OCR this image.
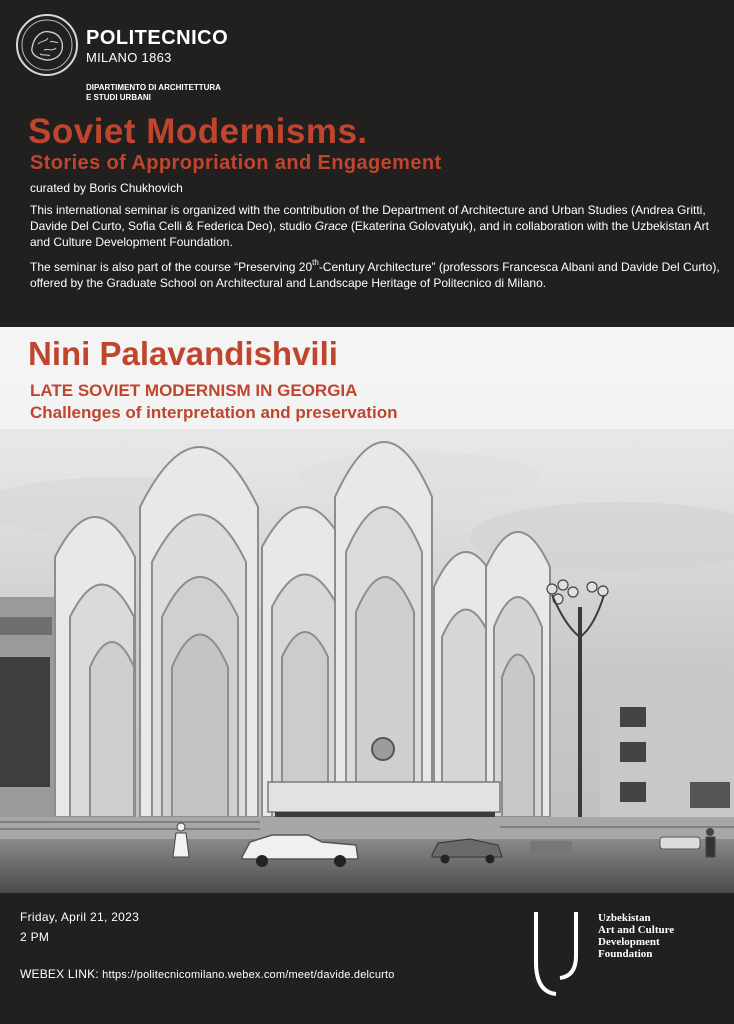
POLITECNICO
MILANO 1863
DIPARTIMENTO DI ARCHITETTURA
E STUDI URBANI
Soviet Modernisms.
Stories of Appropriation and Engagement
curated by Boris Chukhovich

This international seminar is organized with the contribution of the Department of Architecture and Urban Studies (Andrea Gritti, Davide Del Curto, Sofia Celli & Federica Deo), studio Grace (Ekaterina Golovatyuk), and in collaboration with the Uzbekistan Art and Culture Development Foundation.

The seminar is also part of the course “Preserving 20th-Century Architecture” (professors Francesca Albani and Davide Del Curto), offered by the Graduate School on Architectural and Landscape Heritage of Politecnico di Milano.

Nini Palavandishvili
LATE SOVIET MODERNISM IN GEORGIA
Challenges of interpretation and preservation
Friday, April 21, 2023
2 PM
WEBEX LINK: https://politecnicomilano.webex.com/meet/davide.delcurto
Uzbekistan
Art and Culture
Development
Foundation
